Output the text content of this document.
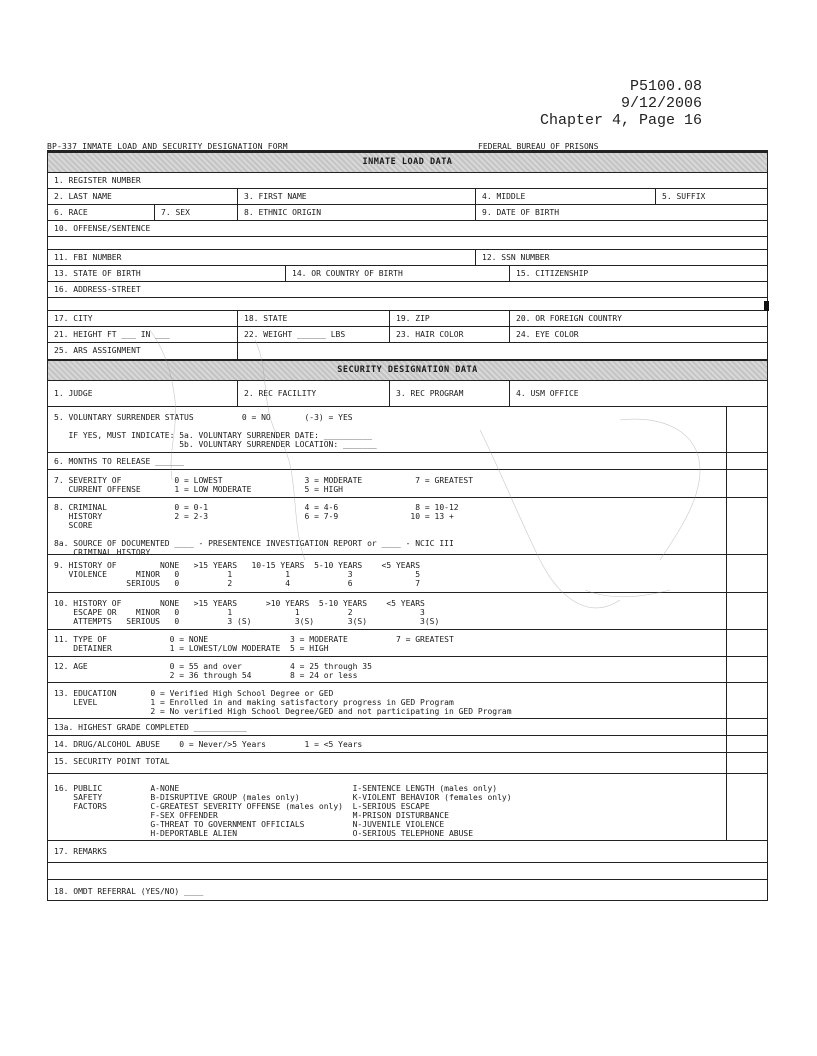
P5100.08
9/12/2006
Chapter 4, Page 16
BP-337 INMATE LOAD AND SECURITY DESIGNATION FORM	FEDERAL BUREAU OF PRISONS
INMATE LOAD DATA
1. REGISTER NUMBER
2. LAST NAME	3. FIRST NAME	4. MIDDLE	5. SUFFIX
6. RACE	7. SEX	8. ETHNIC ORIGIN	9. DATE OF BIRTH
10. OFFENSE/SENTENCE
11. FBI NUMBER	12. SSN NUMBER
13. STATE OF BIRTH	14. OR COUNTRY OF BIRTH	15. CITIZENSHIP
16. ADDRESS-STREET
17. CITY	18. STATE	19. ZIP	20. OR FOREIGN COUNTRY
21. HEIGHT FT ___ IN ___	22. WEIGHT ______ LBS	23. HAIR COLOR	24. EYE COLOR
25. ARS ASSIGNMENT
SECURITY DESIGNATION DATA
1. JUDGE	2. REC FACILITY	3. REC PROGRAM	4. USM OFFICE
5. VOLUNTARY SURRENDER STATUS          0 = NO       (-3) = YES

IF YES, MUST INDICATE: 5a. VOLUNTARY SURRENDER DATE: __________
5b. VOLUNTARY SURRENDER LOCATION: _______
6. MONTHS TO RELEASE ______
7. SEVERITY OF           0 = LOWEST                 3 = MODERATE           7 = GREATEST
CURRENT OFFENSE       1 = LOW MODERATE           5 = HIGH
8. CRIMINAL              0 = 0-1                    4 = 4-6                8 = 10-12
HISTORY               2 = 2-3                    6 = 7-9               10 = 13 +
SCORE

8a. SOURCE OF DOCUMENTED ____ - PRESENTENCE INVESTIGATION REPORT or ____ - NCIC III
CRIMINAL HISTORY
9. HISTORY OF         NONE   >15 YEARS   10-15 YEARS  5-10 YEARS    <5 YEARS
VIOLENCE      MINOR   0          1           1            3             5
SERIOUS   0          2           4            6             7
10. HISTORY OF        NONE   >15 YEARS      >10 YEARS  5-10 YEARS    <5 YEARS
ESCAPE OR    MINOR   0          1             1          2              3
ATTEMPTS   SERIOUS   0          3 (S)         3(S)       3(S)           3(S)
11. TYPE OF             0 = NONE                 3 = MODERATE          7 = GREATEST
DETAINER            1 = LOWEST/LOW MODERATE  5 = HIGH
12. AGE                 0 = 55 and over          4 = 25 through 35
2 = 36 through 54        8 = 24 or less
13. EDUCATION       0 = Verified High School Degree or GED
LEVEL           1 = Enrolled in and making satisfactory progress in GED Program
2 = No verified High School Degree/GED and not participating in GED Program
13a. HIGHEST GRADE COMPLETED ___________
14. DRUG/ALCOHOL ABUSE    0 = Never/>5 Years        1 = <5 Years
15. SECURITY POINT TOTAL
16. PUBLIC          A-NONE                                    I-SENTENCE LENGTH (males only)
SAFETY          B-DISRUPTIVE GROUP (males only)           K-VIOLENT BEHAVIOR (females only)
FACTORS         C-GREATEST SEVERITY OFFENSE (males only)  L-SERIOUS ESCAPE
F-SEX OFFENDER                            M-PRISON DISTURBANCE
G-THREAT TO GOVERNMENT OFFICIALS          N-JUVENILE VIOLENCE
H-DEPORTABLE ALIEN                        O-SERIOUS TELEPHONE ABUSE
17. REMARKS
18. OMDT REFERRAL (YES/NO) ____
